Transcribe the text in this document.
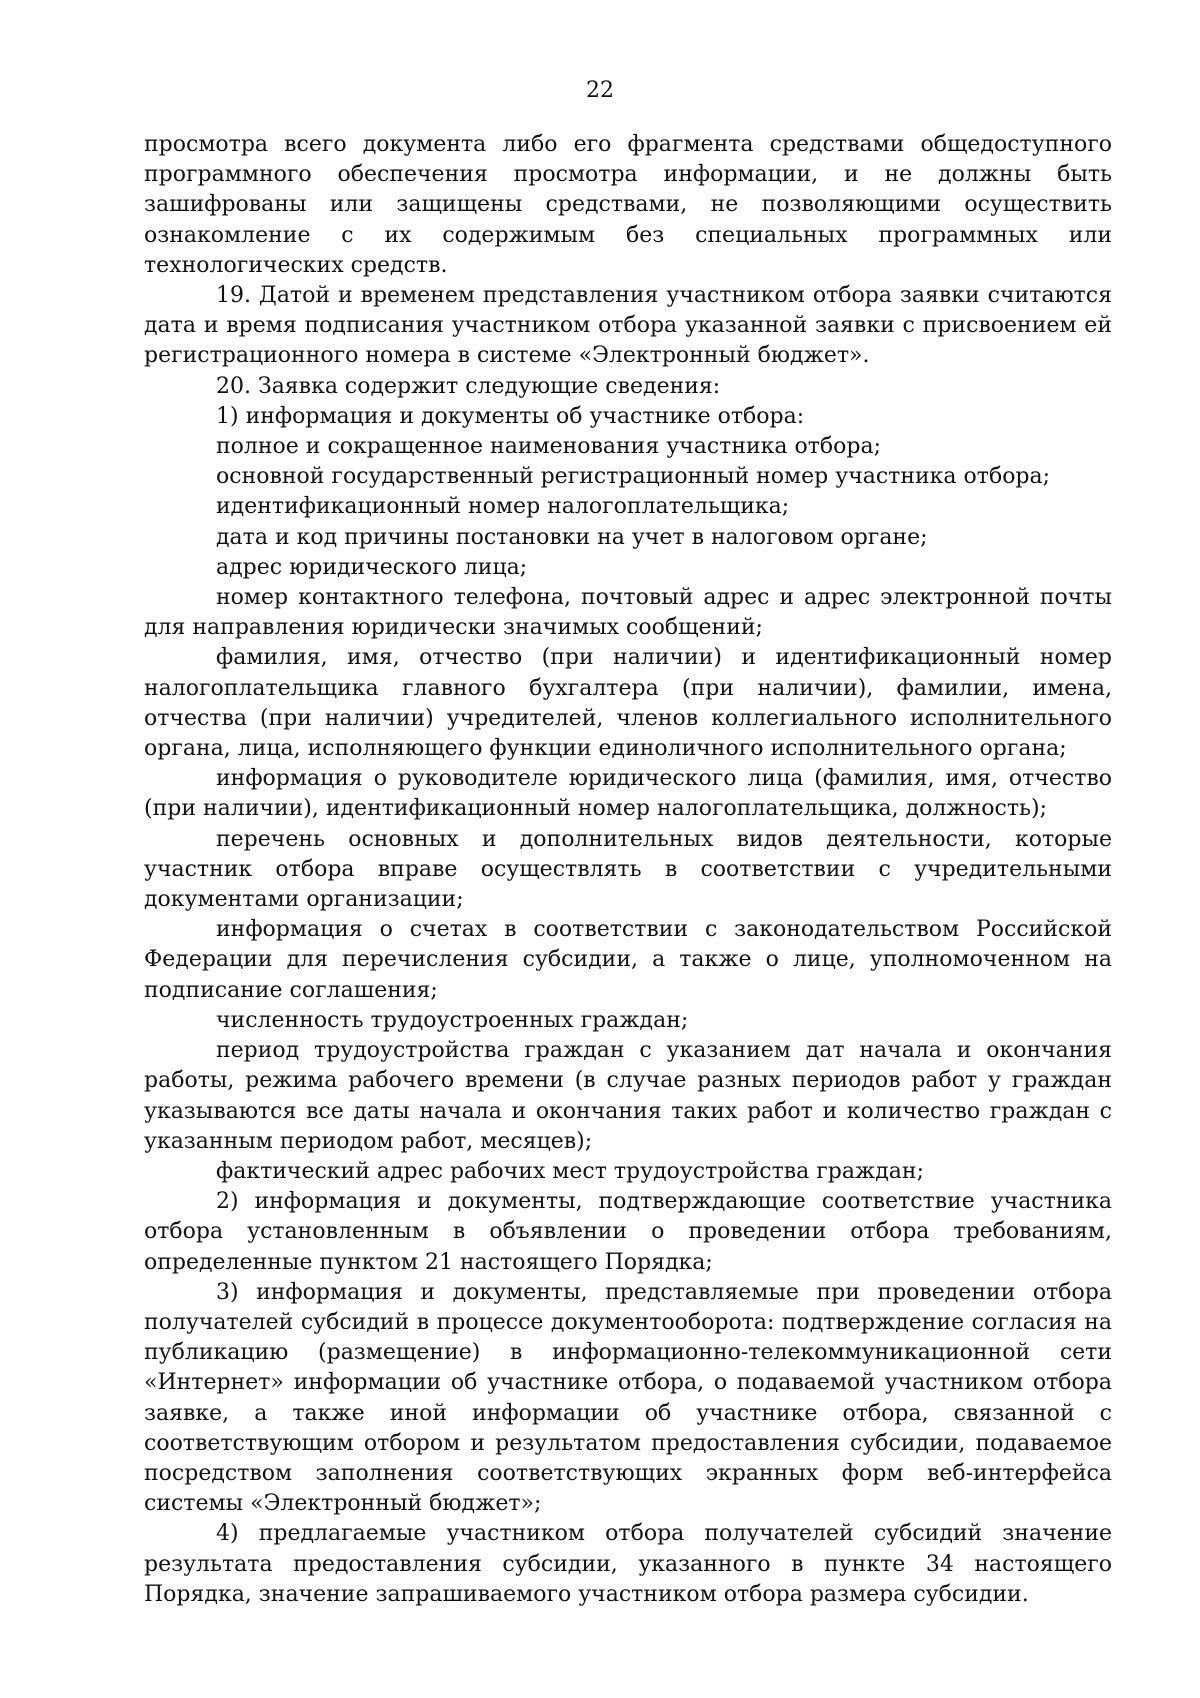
22

просмотра всего документа либо его фрагмента средствами общедоступного программного обеспечения просмотра информации, и не должны быть зашифрованы или защищены средствами, не позволяющими осуществить ознакомление с их содержимым без специальных программных или технологических средств.

19. Датой и временем представления участником отбора заявки считаются дата и время подписания участником отбора указанной заявки с присвоением ей регистрационного номера в системе «Электронный бюджет».

20. Заявка содержит следующие сведения:

1) информация и документы об участнике отбора:

полное и сокращенное наименования участника отбора;

основной государственный регистрационный номер участника отбора;

идентификационный номер налогоплательщика;

дата и код причины постановки на учет в налоговом органе;

адрес юридического лица;

номер контактного телефона, почтовый адрес и адрес электронной почты для направления юридически значимых сообщений;

фамилия, имя, отчество (при наличии) и идентификационный номер налогоплательщика главного бухгалтера (при наличии), фамилии, имена, отчества (при наличии) учредителей, членов коллегиального исполнительного органа, лица, исполняющего функции единоличного исполнительного органа;

информация о руководителе юридического лица (фамилия, имя, отчество (при наличии), идентификационный номер налогоплательщика, должность);

перечень основных и дополнительных видов деятельности, которые участник отбора вправе осуществлять в соответствии с учредительными документами организации;

информация о счетах в соответствии с законодательством Российской Федерации для перечисления субсидии, а также о лице, уполномоченном на подписание соглашения;

численность трудоустроенных граждан;

период трудоустройства граждан с указанием дат начала и окончания работы, режима рабочего времени (в случае разных периодов работ у граждан указываются все даты начала и окончания таких работ и количество граждан с указанным периодом работ, месяцев);

фактический адрес рабочих мест трудоустройства граждан;

2) информация и документы, подтверждающие соответствие участника отбора установленным в объявлении о проведении отбора требованиям, определенные пунктом 21 настоящего Порядка;

3) информация и документы, представляемые при проведении отбора получателей субсидий в процессе документооборота: подтверждение согласия на публикацию (размещение) в информационно-телекоммуникационной сети «Интернет» информации об участнике отбора, о подаваемой участником отбора заявке, а также иной информации об участнике отбора, связанной с соответствующим отбором и результатом предоставления субсидии, подаваемое посредством заполнения соответствующих экранных форм веб-интерфейса системы «Электронный бюджет»;

4) предлагаемые участником отбора получателей субсидий значение результата предоставления субсидии, указанного в пункте 34 настоящего Порядка, значение запрашиваемого участником отбора размера субсидии.
